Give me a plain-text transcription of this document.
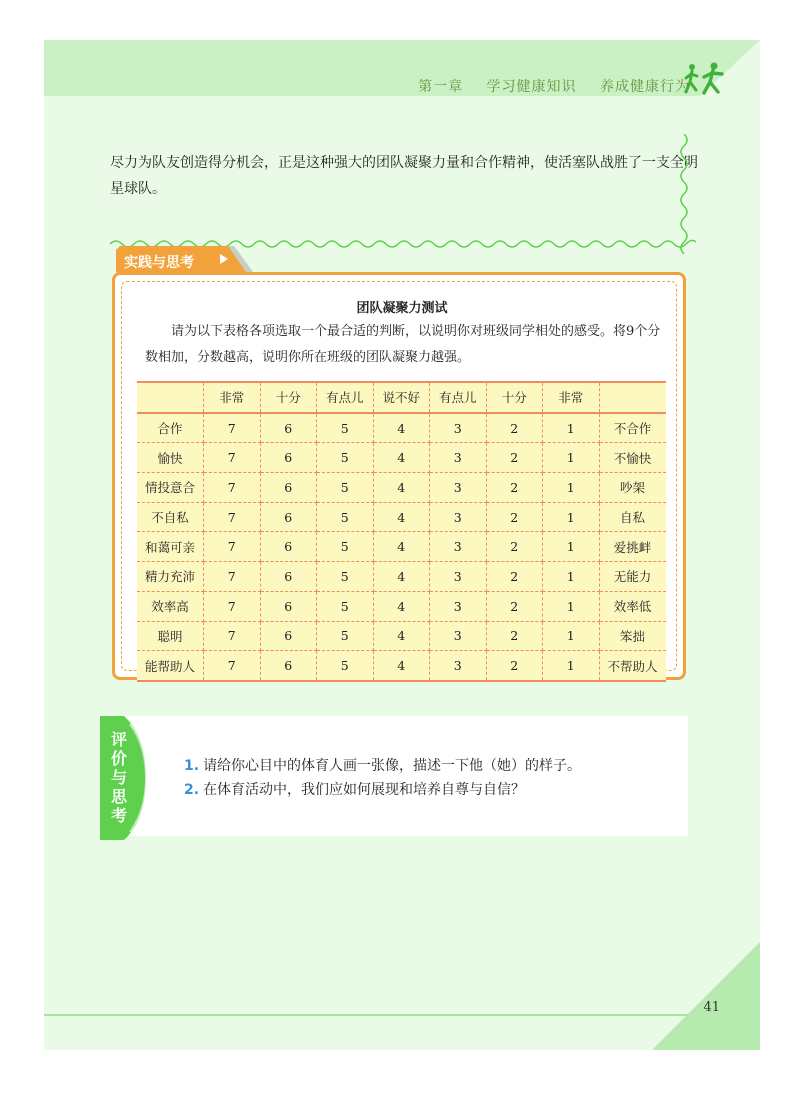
第一章 学习健康知识 养成健康行为
尽力为队友创造得分机会，正是这种强大的团队凝聚力量和合作精神，使活塞队战胜了一支全明星球队。
实践与思考
团队凝聚力测试
请为以下表格各项选取一个最合适的判断，以说明你对班级同学相处的感受。将9个分数相加，分数越高，说明你所在班级的团队凝聚力越强。
	非常	十分	有点儿	说不好	有点儿	十分	非常	
合作	7	6	5	4	3	2	1	不合作
愉快	7	6	5	4	3	2	1	不愉快
情投意合	7	6	5	4	3	2	1	吵架
不自私	7	6	5	4	3	2	1	自私
和蔼可亲	7	6	5	4	3	2	1	爱挑衅
精力充沛	7	6	5	4	3	2	1	无能力
效率高	7	6	5	4	3	2	1	效率低
聪明	7	6	5	4	3	2	1	笨拙
能帮助人	7	6	5	4	3	2	1	不帮助人
评价与思考
1. 请给你心目中的体育人画一张像，描述一下他（她）的样子。
2. 在体育活动中，我们应如何展现和培养自尊与自信？
41
